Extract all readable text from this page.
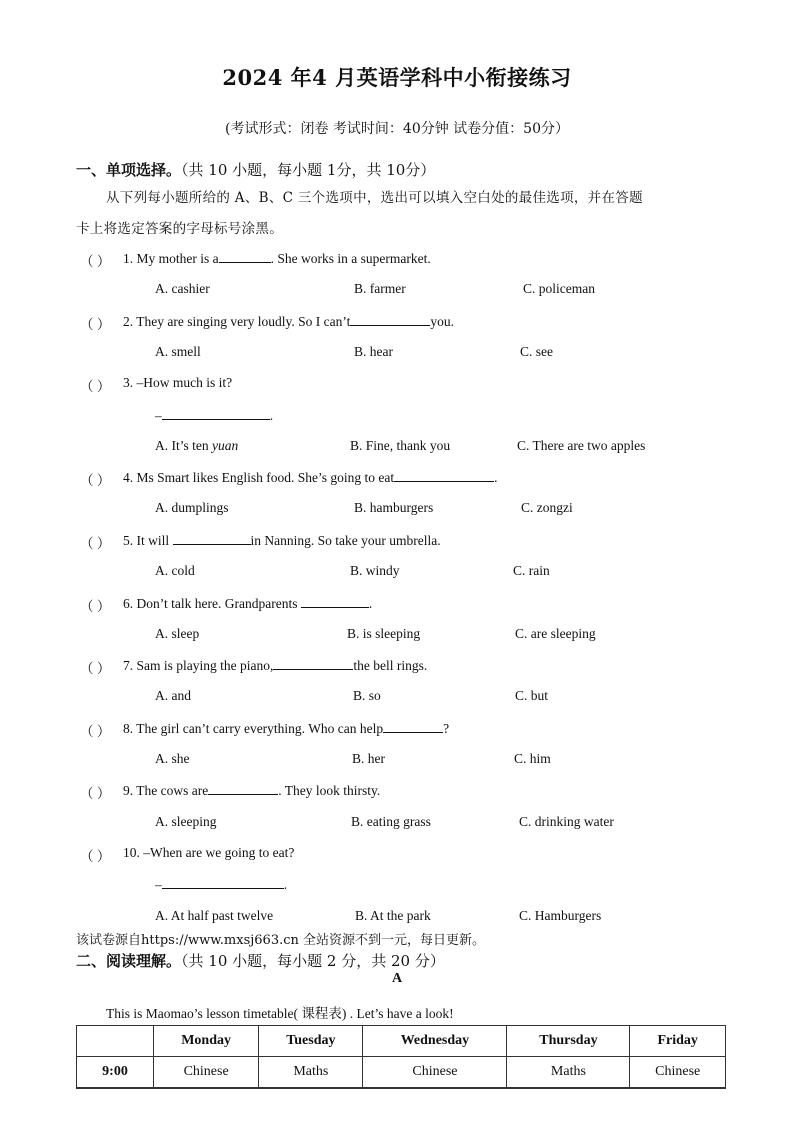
2024 年4 月英语学科中小衔接练习
(考试形式：闭卷 考试时间：40分钟 试卷分值：50分）
一、单项选择。（共 10 小题，每小题 1分，共 10分）
从下列每小题所给的 A、B、C 三个选项中，选出可以填入空白处的最佳选项，并在答题
卡上将选定答案的字母标号涂黑。
（ ） 1. My mother is a	. She works in a supermarket.
A. cashier	B. farmer	C. policeman
（ ） 2. They are singing very loudly. So I can’t	you.
A. smell	B. hear	C. see
（ ） 3. –How much is it?
–	.
A. It’s ten yuan	B. Fine, thank you	C. There are two apples
（ ） 4. Ms Smart likes English food. She’s going to eat	.
A. dumplings	B. hamburgers	C. zongzi
（ ） 5. It will	in Nanning. So take your umbrella.
A. cold	B. windy	C. rain
（ ） 6. Don’t talk here. Grandparents	.
A. sleep	B. is sleeping	C. are sleeping
（ ） 7. Sam is playing the piano,	the bell rings.
A. and	B. so	C. but
（ ） 8. The girl can’t carry everything. Who can help	?
A. she	B. her	C. him
（ ） 9. The cows are	. They look thirsty.
A. sleeping	B. eating grass	C. drinking water
（ ） 10. –When are we going to eat?
–	.
A. At half past twelve	B. At the park	C. Hamburgers
该试卷源自https://www.mxsj663.cn 全站资源不到一元，每日更新。
二、阅读理解。（共 10 小题，每小题 2 分，共 20 分）
A
This is Maomao’s lesson timetable( 课程表) . Let’s have a look!
	Monday	Tuesday	Wednesday	Thursday	Friday
9:00	Chinese	Maths	Chinese	Maths	Chinese
